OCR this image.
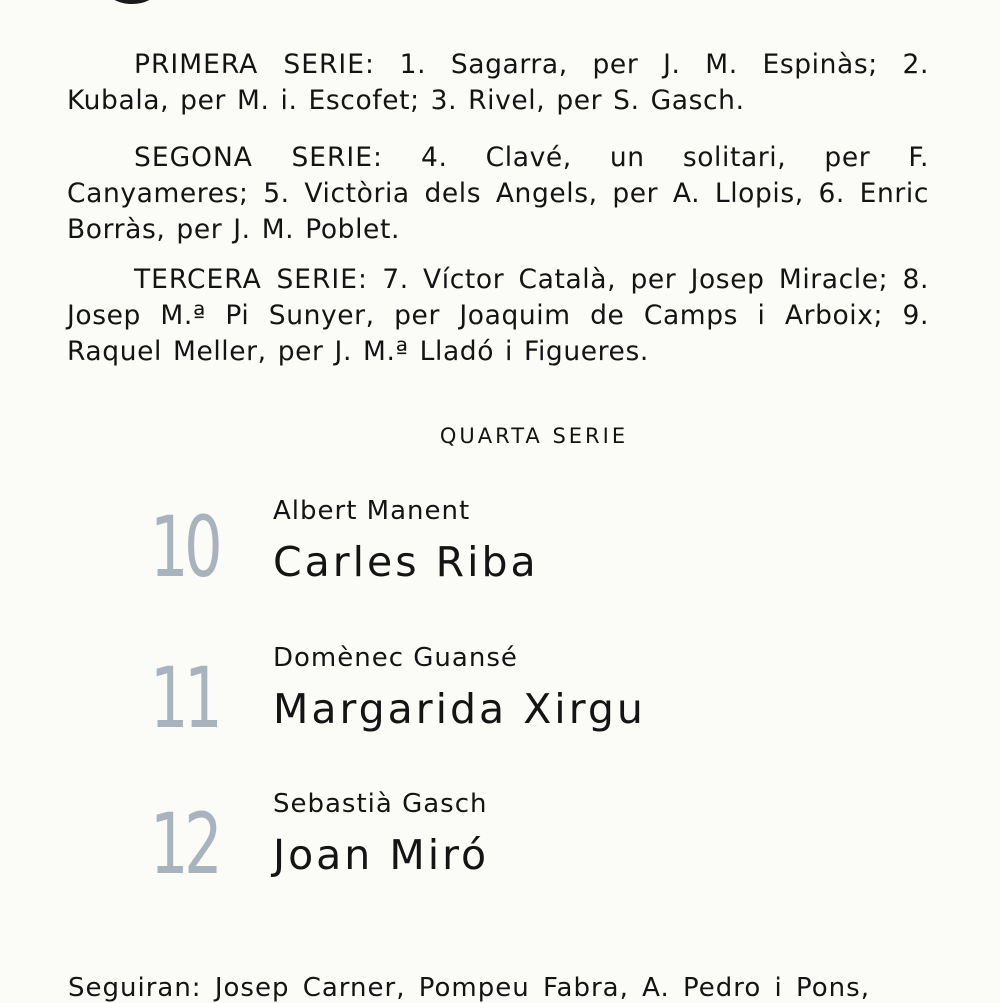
PRIMERA SERIE: 1. Sagarra, per J. M. Espinàs; 2. Kubala, per M. i. Escofet; 3. Rivel, per S. Gasch.
SEGONA SERIE: 4. Clavé, un solitari, per F. Canyameres; 5. Victòria dels Angels, per A. Llopis, 6. Enric Borràs, per J. M. Poblet.
TERCERA SERIE: 7. Víctor Català, per Josep Miracle; 8. Josep M.ª Pi Sunyer, per Joaquim de Camps i Arboix; 9. Raquel Meller, per J. M.ª Lladó i Figueres.
QUARTA SERIE
10 Albert Manent
Carles Riba
11 Domènec Guansé
Margarida Xirgu
12 Sebastià Gasch
Joan Miró
Seguiran: Josep Carner, Pompeu Fabra, A. Pedro i Pons,
